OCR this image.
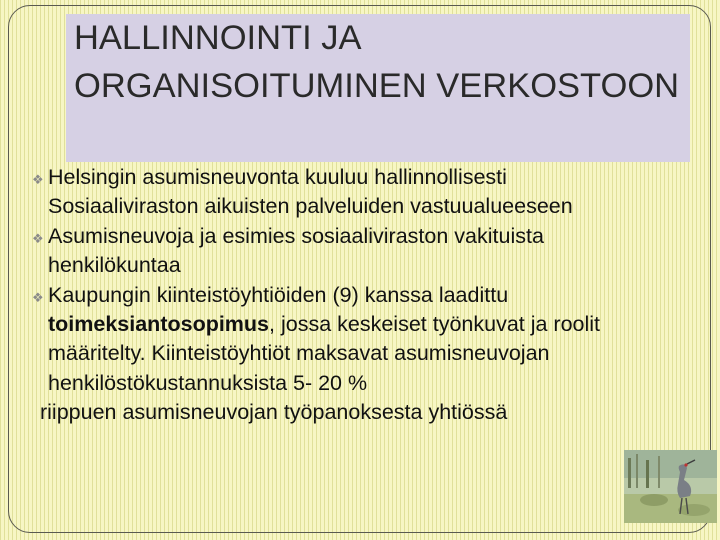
HALLINNOINTI JA ORGANISOITUMINEN VERKOSTOON
❖ Helsingin asumisneuvonta kuuluu hallinnollisesti Sosiaaliviraston aikuisten palveluiden vastuualueeseen
❖ Asumisneuvoja ja esimies sosiaaliviraston vakituista henkilökuntaa
❖ Kaupungin kiinteistöyhtiöiden (9) kanssa laadittu toimeksiantosopimus, jossa keskeiset työnkuvat ja roolit määritelty. Kiinteistöyhtiöt maksavat asumisneuvojan henkilöstökustannuksista 5- 20 %
riippuen asumisneuvojan työpanoksesta yhtiössä
